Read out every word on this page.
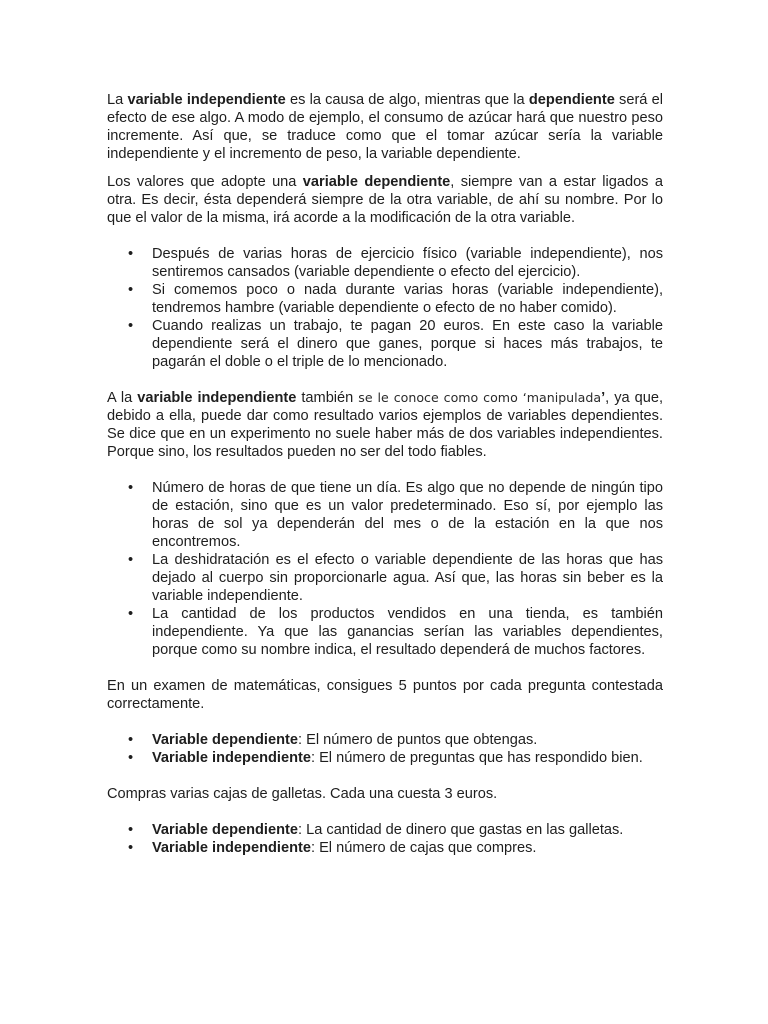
La variable independiente es la causa de algo, mientras que la dependiente será el efecto de ese algo. A modo de ejemplo, el consumo de azúcar hará que nuestro peso incremente. Así que, se traduce como que el tomar azúcar sería la variable independiente y el incremento de peso, la variable dependiente.

Los valores que adopte una variable dependiente, siempre van a estar ligados a otra. Es decir, ésta dependerá siempre de la otra variable, de ahí su nombre. Por lo que el valor de la misma, irá acorde a la modificación de la otra variable.

• Después de varias horas de ejercicio físico (variable independiente), nos sentiremos cansados (variable dependiente o efecto del ejercicio).
• Si comemos poco o nada durante varias horas (variable independiente), tendremos hambre (variable dependiente o efecto de no haber comido).
• Cuando realizas un trabajo, te pagan 20 euros. En este caso la variable dependiente será el dinero que ganes, porque si haces más trabajos, te pagarán el doble o el triple de lo mencionado.

A la variable independiente también se le conoce como como ‘manipulada’, ya que, debido a ella, puede dar como resultado varios ejemplos de variables dependientes. Se dice que en un experimento no suele haber más de dos variables independientes. Porque sino, los resultados pueden no ser del todo fiables.

• Número de horas de que tiene un día. Es algo que no depende de ningún tipo de estación, sino que es un valor predeterminado. Eso sí, por ejemplo las horas de sol ya dependerán del mes o de la estación en la que nos encontremos.
• La deshidratación es el efecto o variable dependiente de las horas que has dejado al cuerpo sin proporcionarle agua. Así que, las horas sin beber es la variable independiente.
• La cantidad de los productos vendidos en una tienda, es también independiente. Ya que las ganancias serían las variables dependientes, porque como su nombre indica, el resultado dependerá de muchos factores.

En un examen de matemáticas, consigues 5 puntos por cada pregunta contestada correctamente.

• Variable dependiente: El número de puntos que obtengas.
• Variable independiente: El número de preguntas que has respondido bien.

Compras varias cajas de galletas. Cada una cuesta 3 euros.

• Variable dependiente: La cantidad de dinero que gastas en las galletas.
• Variable independiente: El número de cajas que compres.
